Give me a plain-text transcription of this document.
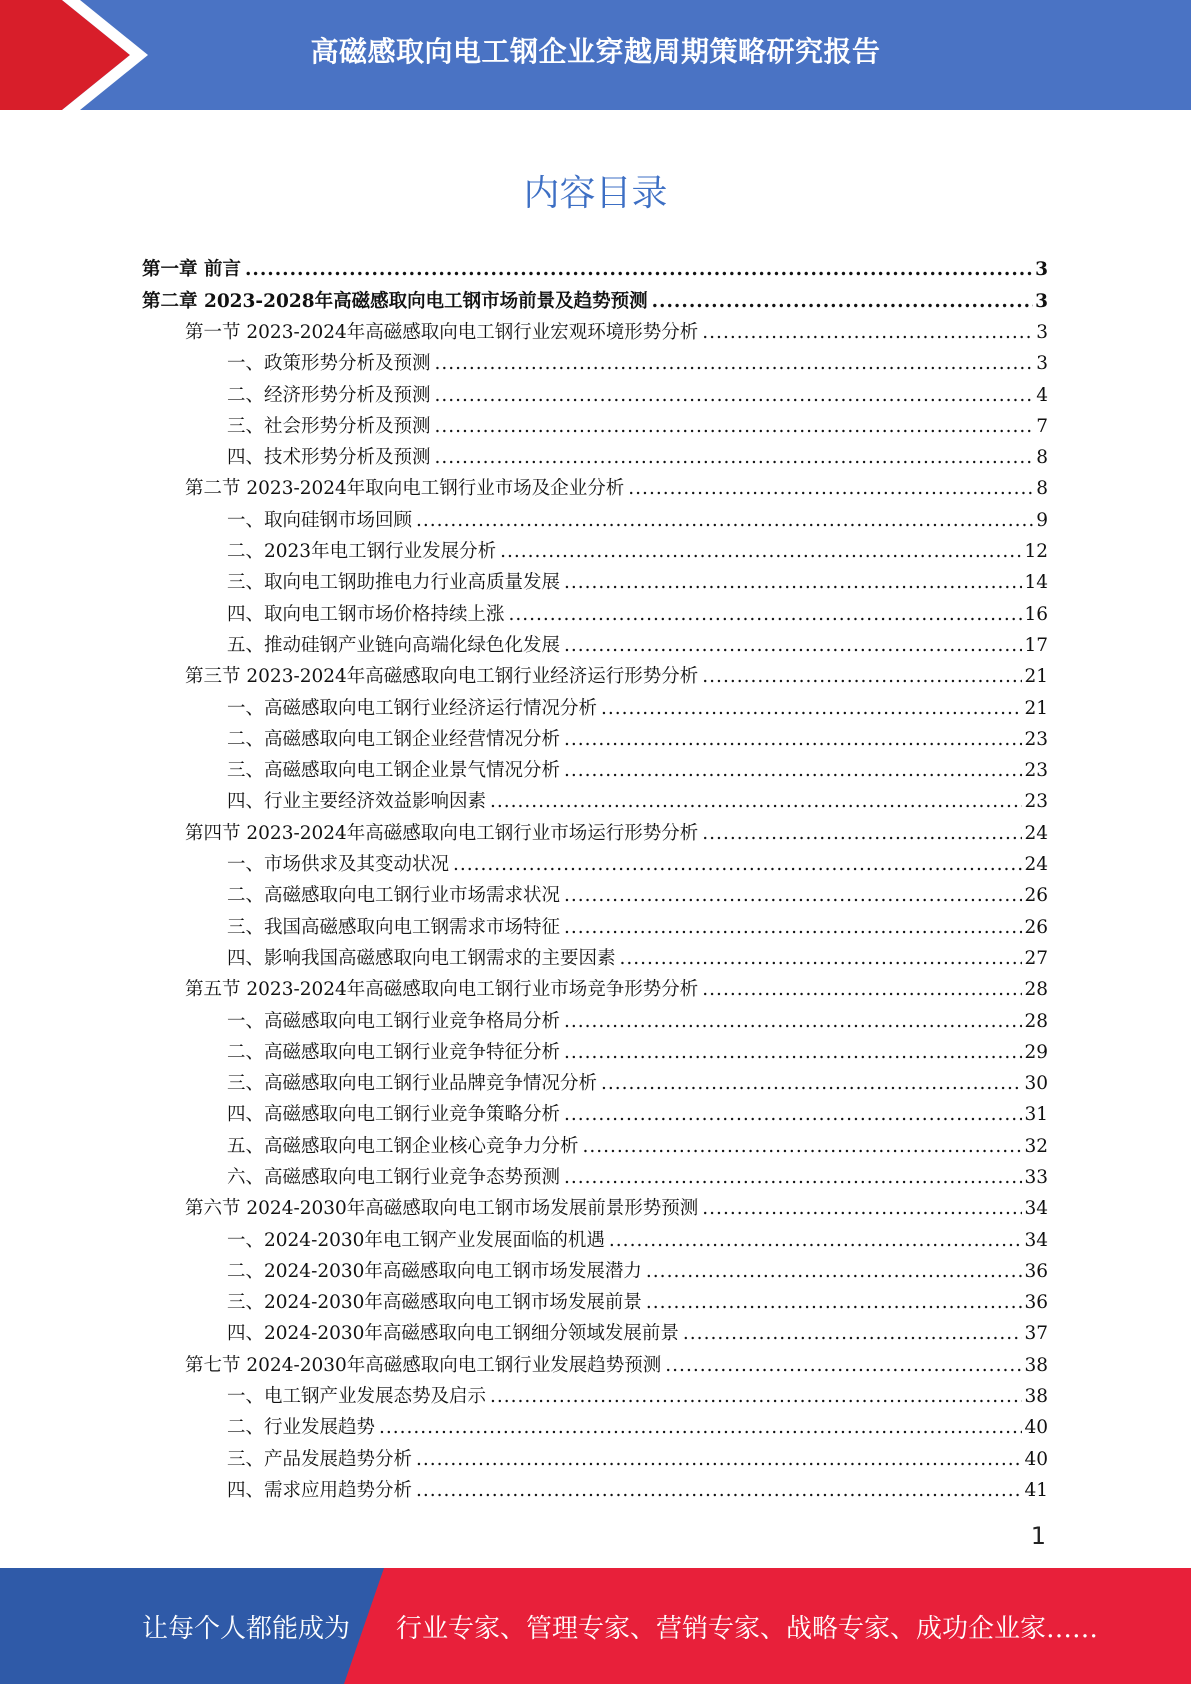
高磁感取向电工钢企业穿越周期策略研究报告
内容目录
第一章 前言 .....	3
第二章 2023-2028年高磁感取向电工钢市场前景及趋势预测 .....	3
第一节 2023-2024年高磁感取向电工钢行业宏观环境形势分析 .....	3
一、政策形势分析及预测 .....	3
二、经济形势分析及预测 .....	4
三、社会形势分析及预测 .....	7
四、技术形势分析及预测 .....	8
第二节 2023-2024年取向电工钢行业市场及企业分析 .....	8
一、取向硅钢市场回顾 .....	9
二、2023年电工钢行业发展分析 .....	12
三、取向电工钢助推电力行业高质量发展 .....	14
四、取向电工钢市场价格持续上涨 .....	16
五、推动硅钢产业链向高端化绿色化发展 .....	17
第三节 2023-2024年高磁感取向电工钢行业经济运行形势分析 .....	21
一、高磁感取向电工钢行业经济运行情况分析 .....	21
二、高磁感取向电工钢企业经营情况分析 .....	23
三、高磁感取向电工钢企业景气情况分析 .....	23
四、行业主要经济效益影响因素 .....	23
第四节 2023-2024年高磁感取向电工钢行业市场运行形势分析 .....	24
一、市场供求及其变动状况 .....	24
二、高磁感取向电工钢行业市场需求状况 .....	26
三、我国高磁感取向电工钢需求市场特征 .....	26
四、影响我国高磁感取向电工钢需求的主要因素 .....	27
第五节 2023-2024年高磁感取向电工钢行业市场竞争形势分析 .....	28
一、高磁感取向电工钢行业竞争格局分析 .....	28
二、高磁感取向电工钢行业竞争特征分析 .....	29
三、高磁感取向电工钢行业品牌竞争情况分析 .....	30
四、高磁感取向电工钢行业竞争策略分析 .....	31
五、高磁感取向电工钢企业核心竞争力分析 .....	32
六、高磁感取向电工钢行业竞争态势预测 .....	33
第六节 2024-2030年高磁感取向电工钢市场发展前景形势预测 .....	34
一、2024-2030年电工钢产业发展面临的机遇 .....	34
二、2024-2030年高磁感取向电工钢市场发展潜力 .....	36
三、2024-2030年高磁感取向电工钢市场发展前景 .....	36
四、2024-2030年高磁感取向电工钢细分领域发展前景 .....	37
第七节 2024-2030年高磁感取向电工钢行业发展趋势预测 .....	38
一、电工钢产业发展态势及启示 .....	38
二、行业发展趋势 .....	40
三、产品发展趋势分析 .....	40
四、需求应用趋势分析 .....	41
1
让每个人都能成为 行业专家、管理专家、营销专家、战略专家、成功企业家……
